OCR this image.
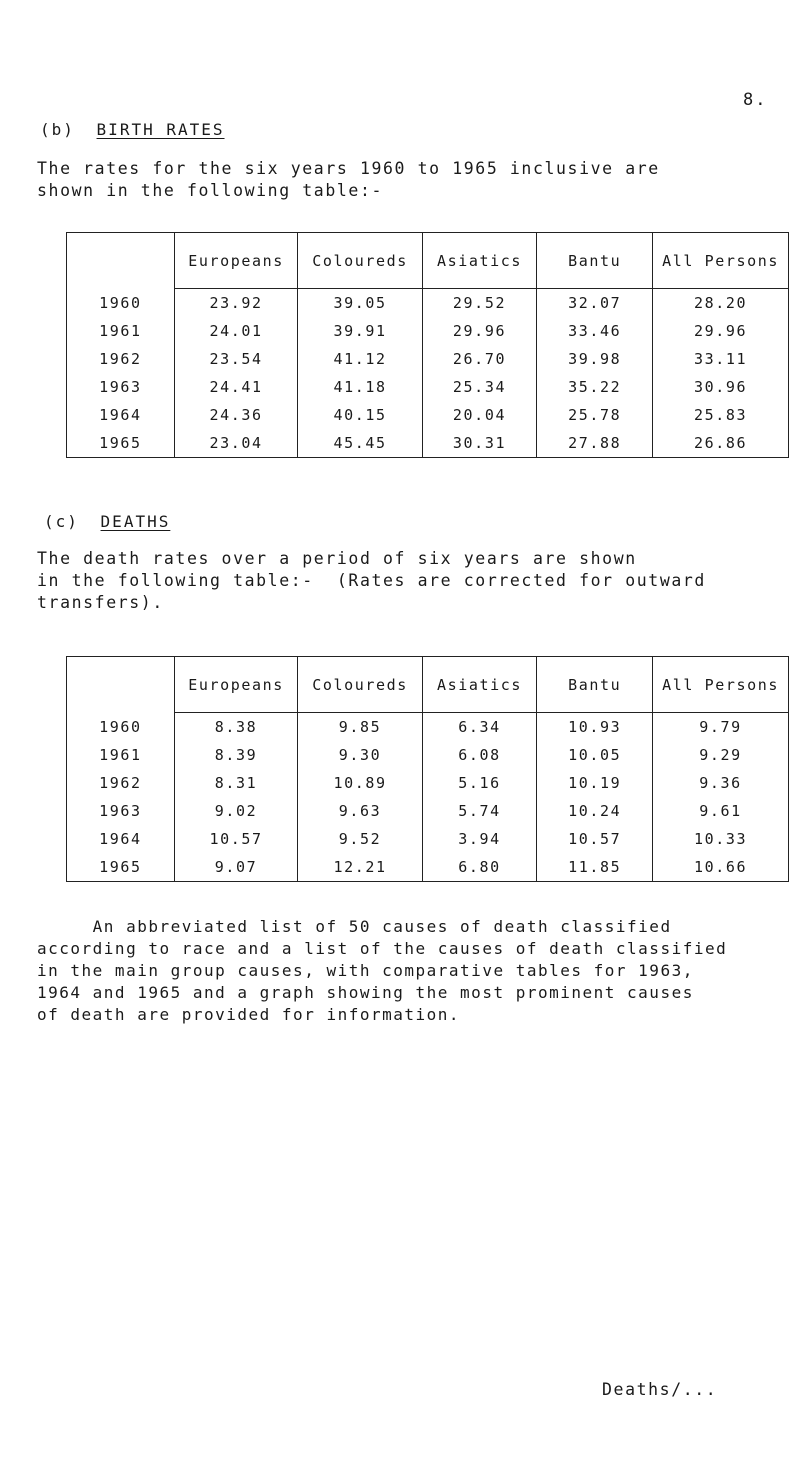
8.
(b) BIRTH RATES
The rates for the six years 1960 to 1965 inclusive are
shown in the following table:-
	Europeans	Coloureds	Asiatics	Bantu	All Persons
1960	23.92	39.05	29.52	32.07	28.20
1961	24.01	39.91	29.96	33.46	29.96
1962	23.54	41.12	26.70	39.98	33.11
1963	24.41	41.18	25.34	35.22	30.96
1964	24.36	40.15	20.04	25.78	25.83
1965	23.04	45.45	30.31	27.88	26.86
(c) DEATHS
The death rates over a period of six years are shown
in the following table:-  (Rates are corrected for outward
transfers).
	Europeans	Coloureds	Asiatics	Bantu	All Persons
1960	8.38	9.85	6.34	10.93	9.79
1961	8.39	9.30	6.08	10.05	9.29
1962	8.31	10.89	5.16	10.19	9.36
1963	9.02	9.63	5.74	10.24	9.61
1964	10.57	9.52	3.94	10.57	10.33
1965	9.07	12.21	6.80	11.85	10.66
An abbreviated list of 50 causes of death classified
according to race and a list of the causes of death classified
in the main group causes, with comparative tables for 1963,
1964 and 1965 and a graph showing the most prominent causes
of death are provided for information.
Deaths/...
